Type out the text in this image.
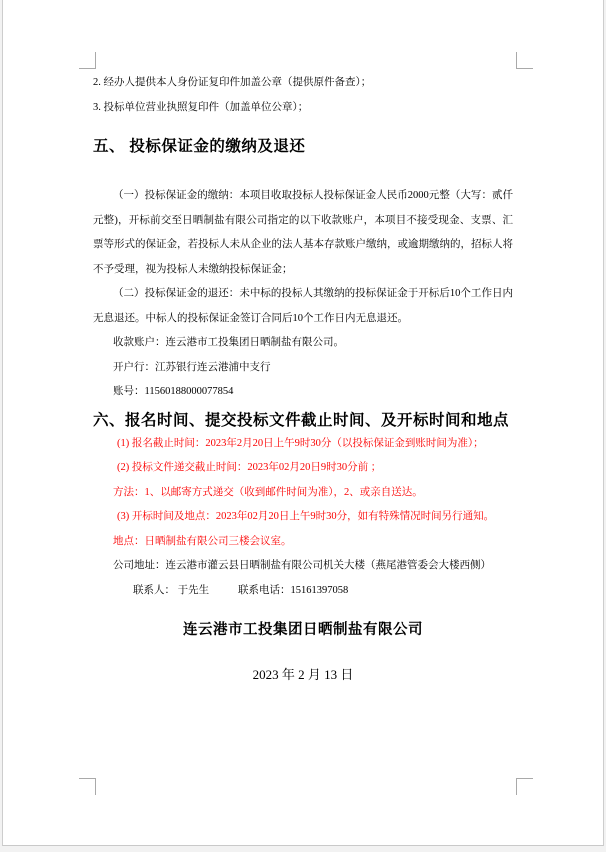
2. 经办人提供本人身份证复印件加盖公章（提供原件备查）；

3. 投标单位营业执照复印件（加盖单位公章）；

五、 投标保证金的缴纳及退还

（一）投标保证金的缴纳：本项目收取投标人投标保证金人民币2000元整（大写：贰仟元整)，开标前交至日晒制盐有限公司指定的以下收款账户，本项目不接受现金、支票、汇票等形式的保证金，若投标人未从企业的法人基本存款账户缴纳，或逾期缴纳的，招标人将不予受理，视为投标人未缴纳投标保证金；

（二）投标保证金的退还：未中标的投标人其缴纳的投标保证金于开标后10个工作日内无息退还。中标人的投标保证金签订合同后10个工作日内无息退还。

收款账户：连云港市工投集团日晒制盐有限公司。

开户行：江苏银行连云港浦中支行

账号：11560188000077854

六、报名时间、提交投标文件截止时间、及开标时间和地点

(1) 报名截止时间：2023年2月20日上午9时30分（以投标保证金到账时间为准）；

(2) 投标文件递交截止时间：2023年02月20日9时30分前 ；

方法：1、以邮寄方式递交（收到邮件时间为准），2、或亲自送达。

(3) 开标时间及地点：2023年02月20日上午9时30分，如有特殊情况时间另行通知。

地点：日晒制盐有限公司三楼会议室。

公司地址：连云港市灌云县日晒制盐有限公司机关大楼（燕尾港管委会大楼西侧）

联系人： 于先生	联系电话：15161397058

连云港市工投集团日晒制盐有限公司

2023 年 2 月 13 日
